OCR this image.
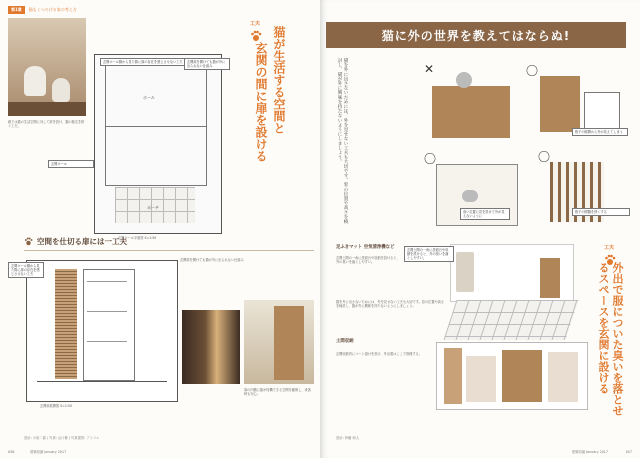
第1章	猫もくつろげる家の考え方
廊下は猫の生活空間に対して扉を設け、猫の脱走を防ぐ工夫。
ホール
ポーチ
玄関ホール側から見た際に扉の存在を感じさせない工夫	玄関扉を開けても猫が外に出られない仕組み
玄関ホール
玄関ホール平面図 S=1:50
工夫
猫が生活する空間と
玄関の間に扉を設ける
空間を仕切る扉には一工夫
玄関ホール側から見た際に扉の存在を感じさせない工夫
玄関扉展開図 S=1:50
玄関扉を開けても猫が外に出られない仕組み
扉の内側に猫が待機できる空間を確保し、来客時も安心。
設計: 小泉二郎 / 写真: 山口修 / 写真提供: アトリエ
056	建築知識 January 2017
猫に外の世界を教えてはならぬ!
猫を外に出さないためには、外を見せない工夫も大切です。窓の位置や高さを検討し、猫が外に興味を持たないようにしましょう。	✕	〇
格子の隙間から外が見えてしまう
〇
高い位置に窓を設けて外が見えないように
〇
格子の間隔を狭くする
工夫
外出で服についた臭いを落とせるスペースを玄関に設ける
足ふきマット 空気清浄機など
玄関土間の一角に洗面台や収納を設けると、外の臭いを落としやすい。
玄関土間の一角に洗面台や収納を設けると、外の臭いを落としやすい。
猫を外に出さないためには、外を見せない工夫も大切です。窓の位置や高さを検討し、猫が外に興味を持たないようにしましょう。
土間収納
玄関収納内にコート掛けを設け、外出着はここで管理する。
設計: 伊藤 和人
建築知識 January 2017	057
